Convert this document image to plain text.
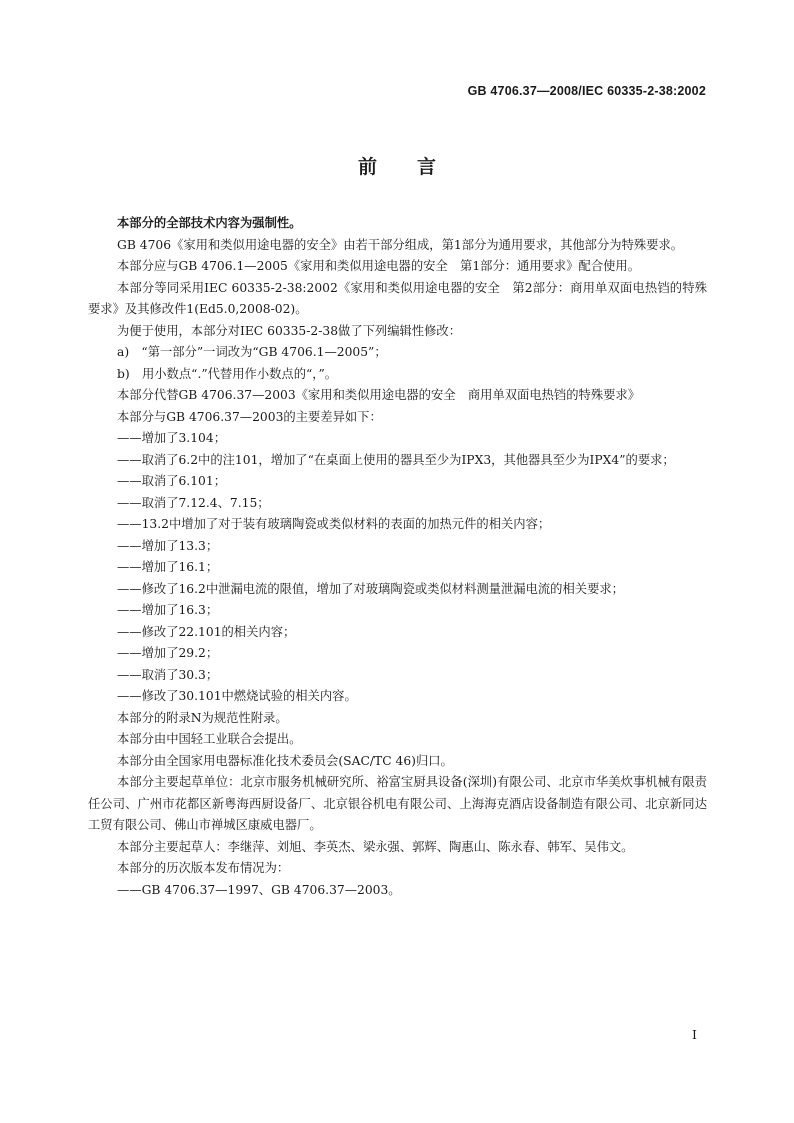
GB 4706.37—2008/IEC 60335-2-38:2002
前言

本部分的全部技术内容为强制性。

GB 4706《家用和类似用途电器的安全》由若干部分组成，第1部分为通用要求，其他部分为特殊要求。

本部分应与GB 4706.1—2005《家用和类似用途电器的安全　第1部分：通用要求》配合使用。

本部分等同采用IEC 60335-2-38:2002《家用和类似用途电器的安全　第2部分：商用单双面电热铛的特殊要求》及其修改件1(Ed5.0,2008-02)。

为便于使用，本部分对IEC 60335-2-38做了下列编辑性修改：

a)　“第一部分”一词改为“GB 4706.1—2005”；

b)　用小数点“.”代替用作小数点的“，”。

本部分代替GB 4706.37—2003《家用和类似用途电器的安全　商用单双面电热铛的特殊要求》

本部分与GB 4706.37—2003的主要差异如下：

——增加了3.104；

——取消了6.2中的注101，增加了“在桌面上使用的器具至少为IPX3，其他器具至少为IPX4”的要求；

——取消了6.101；

——取消了7.12.4、7.15；

——13.2中增加了对于装有玻璃陶瓷或类似材料的表面的加热元件的相关内容；

——增加了13.3；

——增加了16.1；

——修改了16.2中泄漏电流的限值，增加了对玻璃陶瓷或类似材料测量泄漏电流的相关要求；

——增加了16.3；

——修改了22.101的相关内容；

——增加了29.2；

——取消了30.3；

——修改了30.101中燃烧试验的相关内容。

本部分的附录N为规范性附录。

本部分由中国轻工业联合会提出。

本部分由全国家用电器标准化技术委员会(SAC/TC 46)归口。

本部分主要起草单位：北京市服务机械研究所、裕富宝厨具设备(深圳)有限公司、北京市华美炊事机械有限责任公司、广州市花都区新粤海西厨设备厂、北京银谷机电有限公司、上海海克酒店设备制造有限公司、北京新同达工贸有限公司、佛山市禅城区康威电器厂。

本部分主要起草人：李继萍、刘旭、李英杰、梁永强、郭辉、陶惠山、陈永春、韩军、吴伟文。

本部分的历次版本发布情况为：

——GB 4706.37—1997、GB 4706.37—2003。

I
